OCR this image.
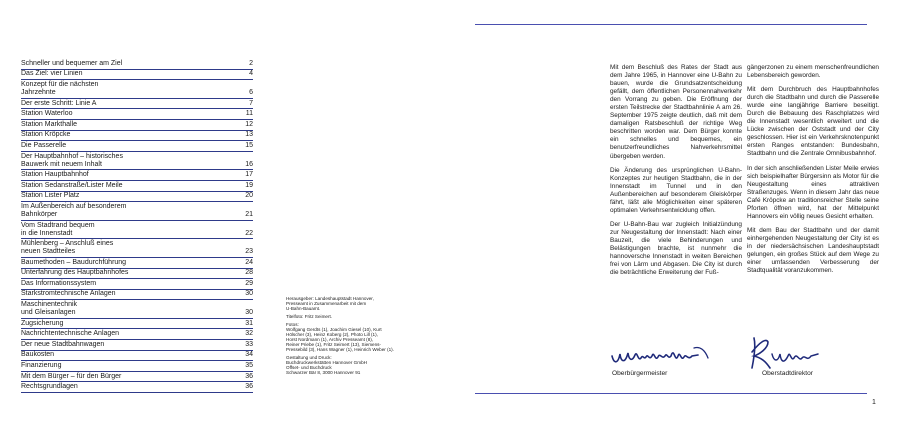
Schneller und bequemer am Ziel	2
Das Ziel: vier Linien	4
Konzept für die nächsten
Jahrzehnte	6
Der erste Schritt: Linie A	7
Station Waterloo	11
Station Markthalle	12
Station Kröpcke	13
Die Passerelle	15
Der Hauptbahnhof – historisches
Bauwerk mit neuem Inhalt	16
Station Hauptbahnhof	17
Station Sedanstraße/Lister Meile	19
Station Lister Platz	20
Im Außenbereich auf besonderem
Bahnkörper	21
Vom Stadtrand bequem
in die Innenstadt	22
Mühlenberg – Anschluß eines
neuen Stadtteiles	23
Baumethoden – Baudurchführung	24
Unterfahrung des Hauptbahnhofes	28
Das Informationssystem	29
Starkstromtechnische Anlagen	30
Maschinentechnik
und Gleisanlagen	30
Zugsicherung	31
Nachrichtentechnische Anlagen	32
Der neue Stadtbahnwagen	33
Baukosten	34
Finanzierung	35
Mit dem Bürger – für den Bürger	36
Rechtsgrundlagen	36

Herausgeber: Landeshauptstadt Hannover,
Presseamt in Zusammenarbeit mit dem
U-Bahn-Bauamt.

Titelfoto: Fritz Seimert.

Fotos:
Wolfgang Gerdts (1), Joachim Giesel (10), Kurt
Hölscher (3), Heinz Koberg (2), Photo Lill (1),
Horst Nordmann (1), Archiv Presseamt (8),
Reiner Priebe (1), Fritz Seimert (13), Siemens-
Pressebild (3), Hans Wagner (1), Heinrich Weber (1).

Gestaltung und Druck:
Buchdruckwerkstätten Hannover GmbH
Offset- und Buchdruck
Schwarzer Bär 8, 3000 Hannover 91

Mit dem Beschluß des Rates der Stadt aus dem Jahre 1965, in Hannover eine U-Bahn zu bauen, wurde die Grundsatzentscheidung gefällt, dem öffentlichen Personennahverkehr den Vorrang zu geben. Die Eröffnung der ersten Teilstrecke der Stadtbahnlinie A am 26. September 1975 zeigte deutlich, daß mit dem damaligen Ratsbeschluß der richtige Weg beschritten worden war. Dem Bürger konnte ein schnelles und bequemes, ein benutzerfreundliches Nahverkehrsmittel übergeben werden.

Die Änderung des ursprünglichen U-Bahn-Konzeptes zur heutigen Stadtbahn, die in der Innenstadt im Tunnel und in den Außenbereichen auf besonderem Gleiskörper fährt, läßt alle Möglichkeiten einer späteren optimalen Verkehrsentwicklung offen.

Der U-Bahn-Bau war zugleich Initialzündung zur Neugestaltung der Innenstadt: Nach einer Bauzeit, die viele Behinderungen und Belästigungen brachte, ist nunmehr die hannoversche Innenstadt in weiten Bereichen frei von Lärm und Abgasen. Die City ist durch die beträchtliche Erweiterung der Fuß-

gängerzonen zu einem menschenfreundlichen Lebensbereich geworden.

Mit dem Durchbruch des Hauptbahnhofes durch die Stadtbahn und durch die Passerelle wurde eine langjährige Barriere beseitigt. Durch die Bebauung des Raschplatzes wird die Innenstadt wesentlich erweitert und die Lücke zwischen der Oststadt und der City geschlossen. Hier ist ein Verkehrsknotenpunkt ersten Ranges entstanden: Bundesbahn, Stadtbahn und die Zentrale Omnibusbahnhof.

In der sich anschließenden Lister Meile erwies sich beispielhafter Bürgersinn als Motor für die Neugestaltung eines attraktiven Straßenzuges. Wenn in diesem Jahr das neue Café Kröpcke an traditionsreicher Stelle seine Pforten öffnen wird, hat der Mittelpunkt Hannovers ein völlig neues Gesicht erhalten.

Mit dem Bau der Stadtbahn und der damit einhergehenden Neugestaltung der City ist es in der niedersächsischen Landeshauptstadt gelungen, ein großes Stück auf dem Wege zu einer umfassenden Verbesserung der Stadtqualität voranzukommen.

Oberbürgermeister	Oberstadtdirektor
1
